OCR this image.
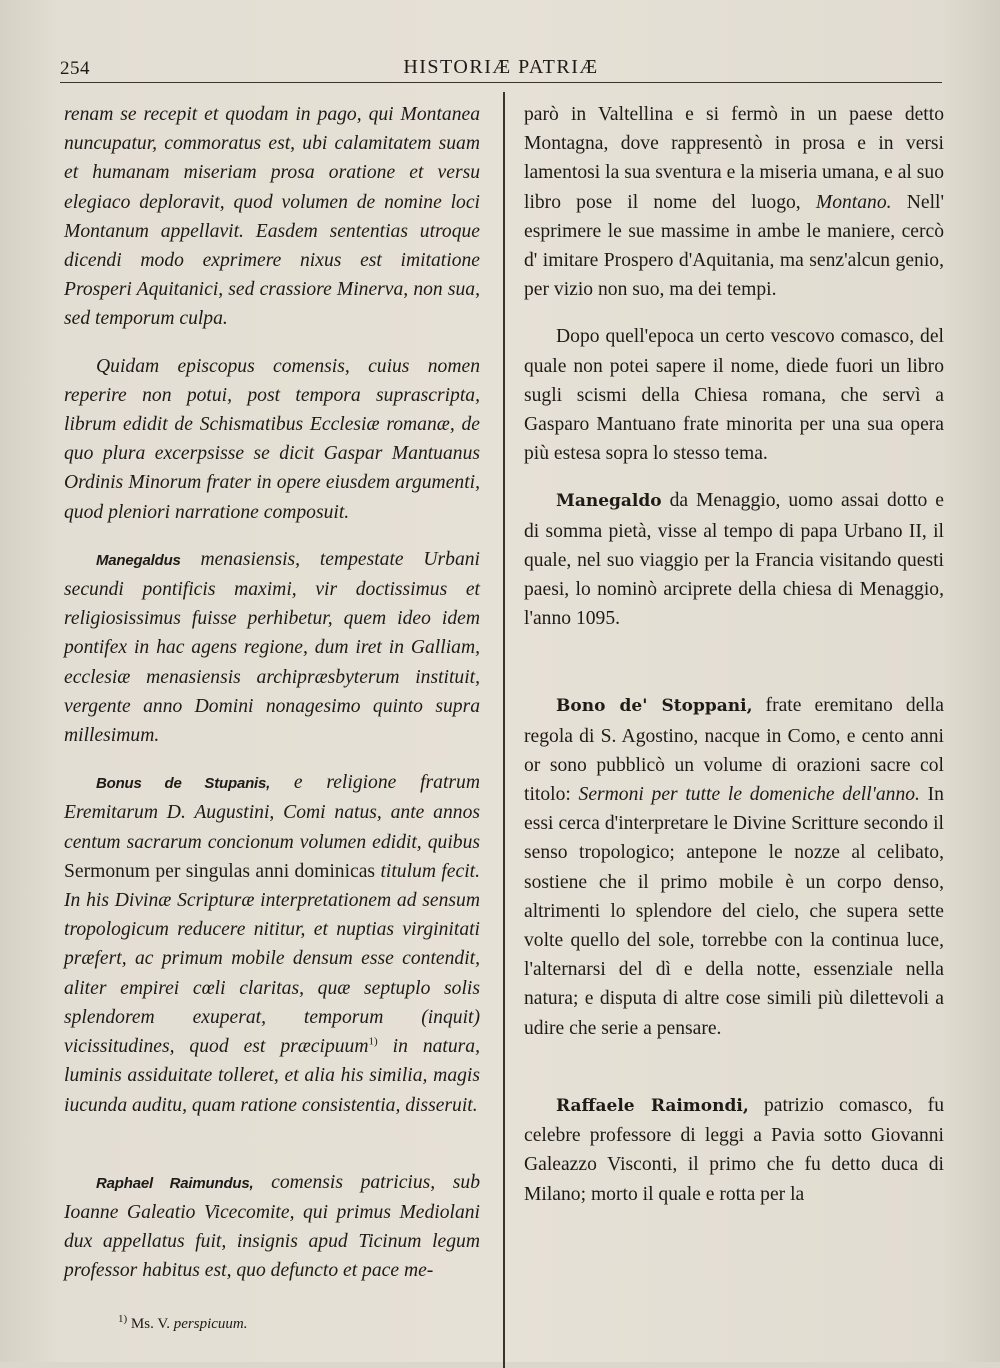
254	HISTORIÆ PATRIÆ

renam se recepit et quodam in pago, qui Montanea nuncupatur, commoratus est, ubi calamitatem suam et humanam miseriam prosa oratione et versu elegiaco deploravit, quod volumen de nomine loci Montanum appellavit. Easdem sententias utroque dicendi modo exprimere nixus est imitatione Prosperi Aquitanici, sed crassiore Minerva, non sua, sed temporum culpa.

Quidam episcopus comensis, cuius nomen reperire non potui, post tempora suprascripta, librum edidit de Schismatibus Ecclesiæ romanæ, de quo plura excerpsisse se dicit Gaspar Mantuanus Ordinis Minorum frater in opere eiusdem argumenti, quod pleniori narratione composuit.

Manegaldus menasiensis, tempestate Urbani secundi pontificis maximi, vir doctissimus et religiosissimus fuisse perhibetur, quem ideo idem pontifex in hac agens regione, dum iret in Galliam, ecclesiæ menasiensis archipræsbyterum instituit, vergente anno Domini nonagesimo quinto supra millesimum.

Bonus de Stupanis, e religione fratrum Eremitarum D. Augustini, Comi natus, ante annos centum sacrarum concionum volumen edidit, quibus Sermonum per singulas anni dominicas titulum fecit. In his Divinæ Scripturæ interpretationem ad sensum tropologicum reducere nititur, et nuptias virginitati præfert, ac primum mobile densum esse contendit, aliter empirei cœli claritas, quæ septuplo solis splendorem exuperat, temporum (inquit) vicissitudines, quod est præcipuum$^{1)}$ in natura, luminis assiduitate tolleret, et alia his similia, magis iucunda auditu, quam ratione consistentia, disseruit.

Raphael Raimundus, comensis patricius, sub Ioanne Galeatio Vicecomite, qui primus Mediolani dux appellatus fuit, insignis apud Ticinum legum professor habitus est, quo defuncto et pace me-

parò in Valtellina e si fermò in un paese detto Montagna, dove rappresentò in prosa e in versi lamentosi la sua sventura e la miseria umana, e al suo libro pose il nome del luogo, Montano. Nell' esprimere le sue massime in ambe le maniere, cercò d' imitare Prospero d'Aquitania, ma senz'alcun genio, per vizio non suo, ma dei tempi.

Dopo quell'epoca un certo vescovo comasco, del quale non potei sapere il nome, diede fuori un libro sugli scismi della Chiesa romana, che servì a Gasparo Mantuano frate minorita per una sua opera più estesa sopra lo stesso tema.

Manegaldo da Menaggio, uomo assai dotto e di somma pietà, visse al tempo di papa Urbano II, il quale, nel suo viaggio per la Francia visitando questi paesi, lo nominò arciprete della chiesa di Menaggio, l'anno 1095.

Bono de' Stoppani, frate eremitano della regola di S. Agostino, nacque in Como, e cento anni or sono pubblicò un volume di orazioni sacre col titolo: Sermoni per tutte le domeniche dell'anno. In essi cerca d'interpretare le Divine Scritture secondo il senso tropologico; antepone le nozze al celibato, sostiene che il primo mobile è un corpo denso, altrimenti lo splendore del cielo, che supera sette volte quello del sole, torrebbe con la continua luce, l'alternarsi del dì e della notte, essenziale nella natura; e disputa di altre cose simili più dilettevoli a udire che serie a pensare.

Raffaele Raimondi, patrizio comasco, fu celebre professore di leggi a Pavia sotto Giovanni Galeazzo Visconti, il primo che fu detto duca di Milano; morto il quale e rotta per la

$^{1)}$ Ms. V. perspicuum.
